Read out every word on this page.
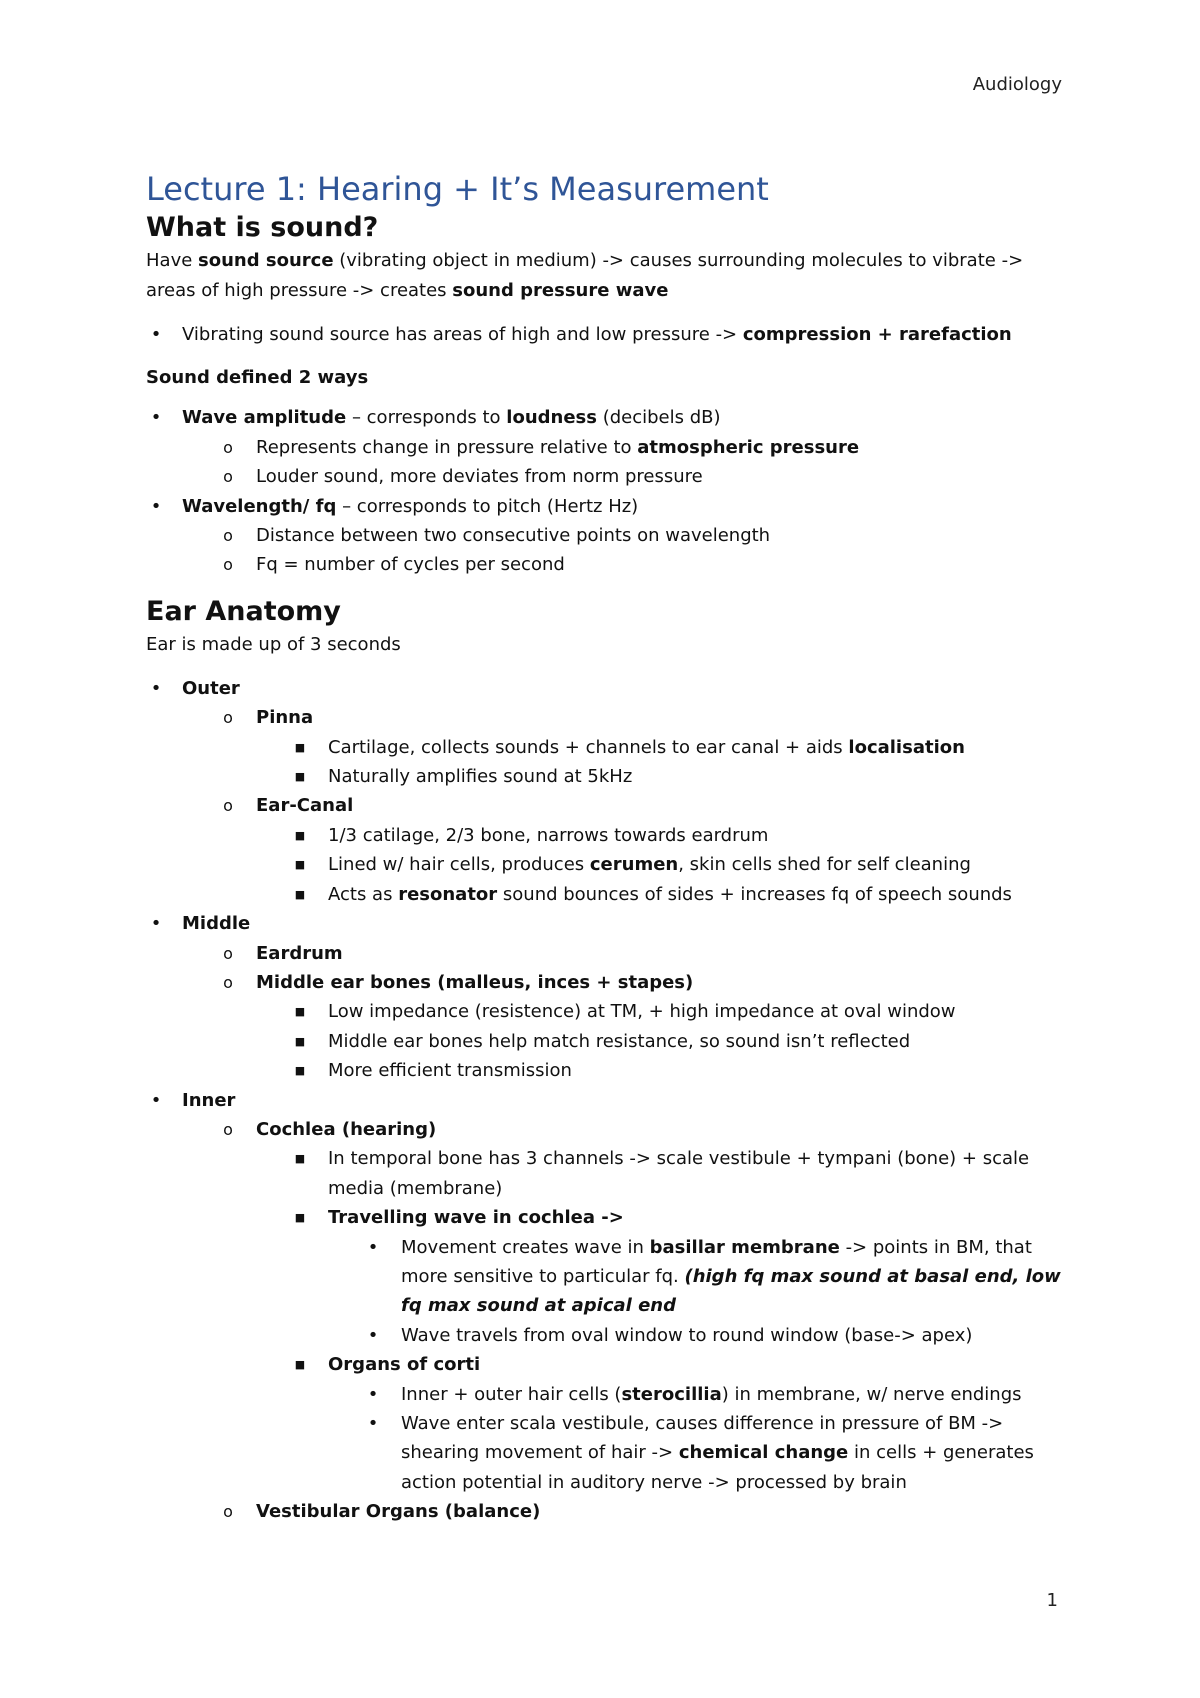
Audiology
Lecture 1: Hearing + It’s Measurement
What is sound?

Have sound source (vibrating object in medium) -> causes surrounding molecules to vibrate -> areas of high pressure -> creates sound pressure wave

• Vibrating sound source has areas of high and low pressure -> compression + rarefaction

Sound defined 2 ways

• Wave amplitude – corresponds to loudness (decibels dB)
o Represents change in pressure relative to atmospheric pressure
o Louder sound, more deviates from norm pressure
• Wavelength/ fq – corresponds to pitch (Hertz Hz)
o Distance between two consecutive points on wavelength
o Fq = number of cycles per second
Ear Anatomy

Ear is made up of 3 seconds

• Outer
o Pinna
■ Cartilage, collects sounds + channels to ear canal + aids localisation
■ Naturally amplifies sound at 5kHz
o Ear-Canal
■ 1/3 catilage, 2/3 bone, narrows towards eardrum
■ Lined w/ hair cells, produces cerumen, skin cells shed for self cleaning
■ Acts as resonator sound bounces of sides + increases fq of speech sounds
• Middle
o Eardrum
o Middle ear bones (malleus, inces + stapes)
■ Low impedance (resistence) at TM, + high impedance at oval window
■ Middle ear bones help match resistance, so sound isn’t reflected
■ More efficient transmission
• Inner
o Cochlea (hearing)
■ In temporal bone has 3 channels -> scale vestibule + tympani (bone) + scale media (membrane)
■ Travelling wave in cochlea ->
• Movement creates wave in basillar membrane -> points in BM, that more sensitive to particular fq. (high fq max sound at basal end, low fq max sound at apical end
• Wave travels from oval window to round window (base-> apex)
■ Organs of corti
• Inner + outer hair cells (sterocillia) in membrane, w/ nerve endings
• Wave enter scala vestibule, causes difference in pressure of BM -> shearing movement of hair -> chemical change in cells + generates action potential in auditory nerve -> processed by brain
o Vestibular Organs (balance)
1
